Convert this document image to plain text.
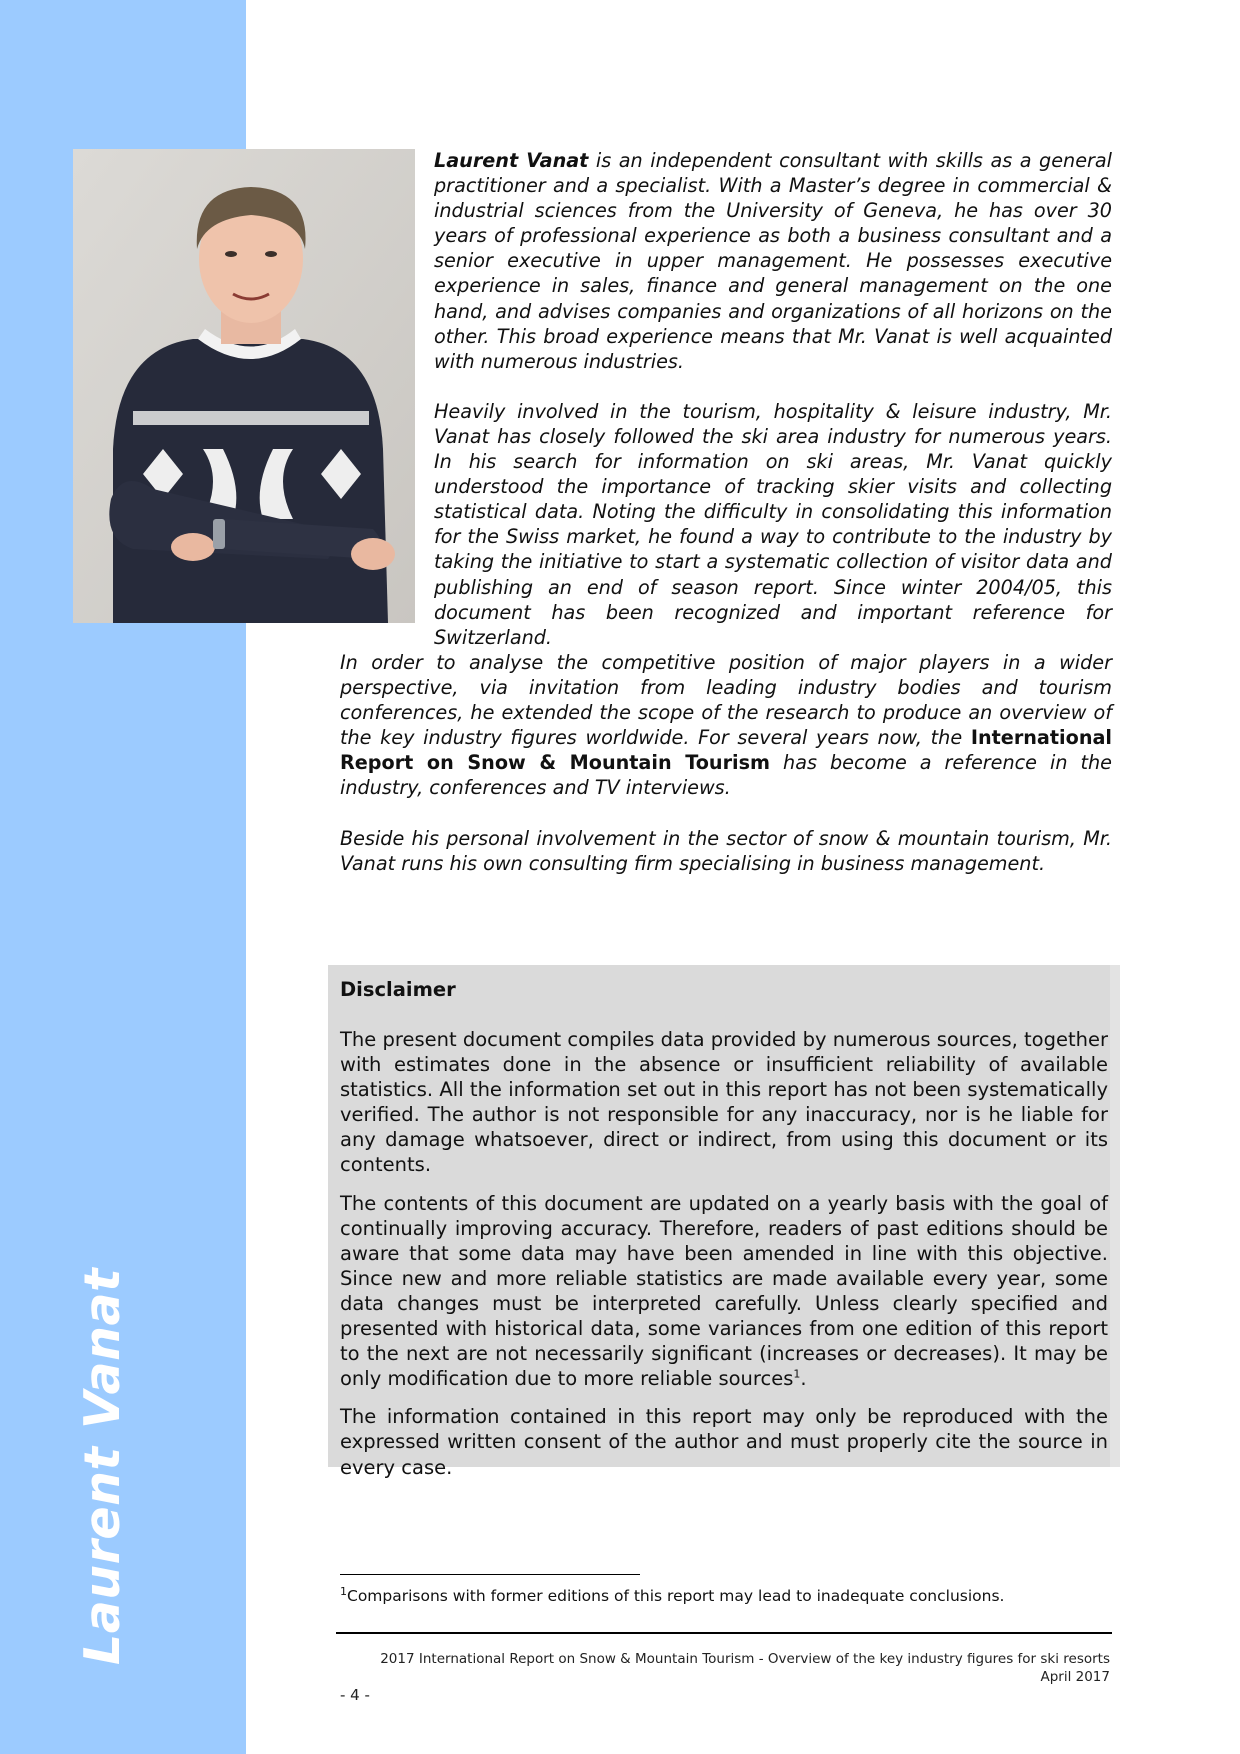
Laurent Vanat

Laurent Vanat is an independent consultant with skills as a general practitioner and a specialist. With a Master’s degree in commercial & industrial sciences from the University of Geneva, he has over 30 years of professional experience as both a business consultant and a senior executive in upper management. He possesses executive experience in sales, finance and general management on the one hand, and advises companies and organizations of all horizons on the other. This broad experience means that Mr. Vanat is well acquainted with numerous industries.

Heavily involved in the tourism, hospitality & leisure industry, Mr. Vanat has closely followed the ski area industry for numerous years. In his search for information on ski areas, Mr. Vanat quickly understood the importance of tracking skier visits and collecting statistical data. Noting the difficulty in consolidating this information for the Swiss market, he found a way to contribute to the industry by taking the initiative to start a systematic collection of visitor data and publishing an end of season report. Since winter 2004/05, this document has been recognized and important reference for Switzerland.

In order to analyse the competitive position of major players in a wider perspective, via invitation from leading industry bodies and tourism conferences, he extended the scope of the research to produce an overview of the key industry figures worldwide. For several years now, the International Report on Snow & Mountain Tourism has become a reference in the industry, conferences and TV interviews.

Beside his personal involvement in the sector of snow & mountain tourism, Mr. Vanat runs his own consulting firm specialising in business management.

Disclaimer
The present document compiles data provided by numerous sources, together with estimates done in the absence or insufficient reliability of available statistics. All the information set out in this report has not been systematically verified. The author is not responsible for any inaccuracy, nor is he liable for any damage whatsoever, direct or indirect, from using this document or its contents.
The contents of this document are updated on a yearly basis with the goal of continually improving accuracy. Therefore, readers of past editions should be aware that some data may have been amended in line with this objective. Since new and more reliable statistics are made available every year, some data changes must be interpreted carefully. Unless clearly specified and presented with historical data, some variances from one edition of this report to the next are not necessarily significant (increases or decreases). It may be only modification due to more reliable sources$^1$.
The information contained in this report may only be reproduced with the expressed written consent of the author and must properly cite the source in every case.
$^1$Comparisons with former editions of this report may lead to inadequate conclusions.
2017 International Report on Snow & Mountain Tourism - Overview of the key industry figures for ski resorts
April 2017
- 4 -
